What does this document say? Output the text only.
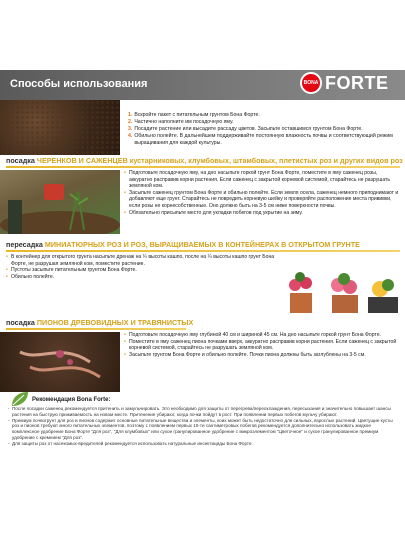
Способы использования	BONA FORTE
1. Вскройте пакет с питательным грунтом Бона Форте.
2. Частично наполните им посадочную яму.
3. Посадите растение или высадите рассаду цветов. Засыпьте оставшимся грунтом Бона Форте.
4. Обильно полейте. В дальнейшем поддерживайте постоянную влажность почвы и соответствующий режим выращивания для каждой культуры.
посадка ЧЕРЕНКОВ И САЖЕНЦЕВ кустарниковых, клумбовых, штамбовых, плетистых роз и других видов роз
• Подготовьте посадочную яму, на дно насыпьте горкой грунт Бона Форте, поместите в яму саженец розы, аккуратно расправив корни растения. Если саженец с закрытой корневой системой, старайтесь не разрушать земляной ком.
• Засыпьте саженец грунтом Бона Форте и обильно полейте. Если земля осела, саженец немного приподнимают и добавляют еще грунт. Старайтесь не повредить корневую шейку и проверяйте расположение места прививки, если розы не корнесобственные. Оно должно быть на 3-5 см ниже поверхности почвы.
• Обязательно присыпьте место для укладки побегов под укрытие на зиму.
пересадка МИНИАТЮРНЫХ РОЗ И РОЗ, ВЫРАЩИВАЕМЫХ В КОНТЕЙНЕРАХ В ОТКРЫТОМ ГРУНТЕ
• В контейнер для открытого грунта насыпьте дренаж на ¼ высоты кашпо, после на ¼ высоты кашпо грунт Бона Форте, не разрушая земляной ком, поместите растение.
• Пустоты засыпьте питательным грунтом Бона Форте.
• Обильно полейте.
посадка ПИОНОВ ДРЕВОВИДНЫХ И ТРАВЯНИСТЫХ
• Подготовьте посадочную яму глубиной 40 см и шириной 45 см. На дно насыпьте горкой грунт Бона Форте.
• Поместите в яму саженец пиона почками вверх, аккуратно расправив корни растения. Если саженец с закрытой корневой системой, старайтесь не разрушать земляной ком.
• Засыпьте грунтом Бона Форте и обильно полейте. Почки пиона должны быть заглублены на 3-5 см.
Рекомендация Bona Forte:
- После посадки саженец рекомендуется притенить и замульчировать. Это необходимо для защиты от перегрева/переохлаждения, пересыхания и значительно повышает шансы растения на быструю приживаемость на новом месте. Притенение убирают, когда почки пойдут в рост. При появлении первых побегов мульчу убирают.
- Премиум почвогрунт для роз и пионов содержит основные питательные вещества и элементы, коих может быть недостаточно для сильных, взрослых растений. Цветущие кусты роз и пионов требуют много питательных элементов, поэтому с появлением первых 10-ти сантиметровых побегов рекомендуется дополнительно использовать жидкое комплексное удобрение Бона Форте "Для роз", "Для клумбовых" или сухое гранулированное удобрение с микроэлементом "Цветочное" и сухое гранулированное премиум удобрение с кремнием "Для роз".
- Для защиты роз от насекомых-вредителей рекомендуется использовать натуральные инсектициды Бона Форте.
